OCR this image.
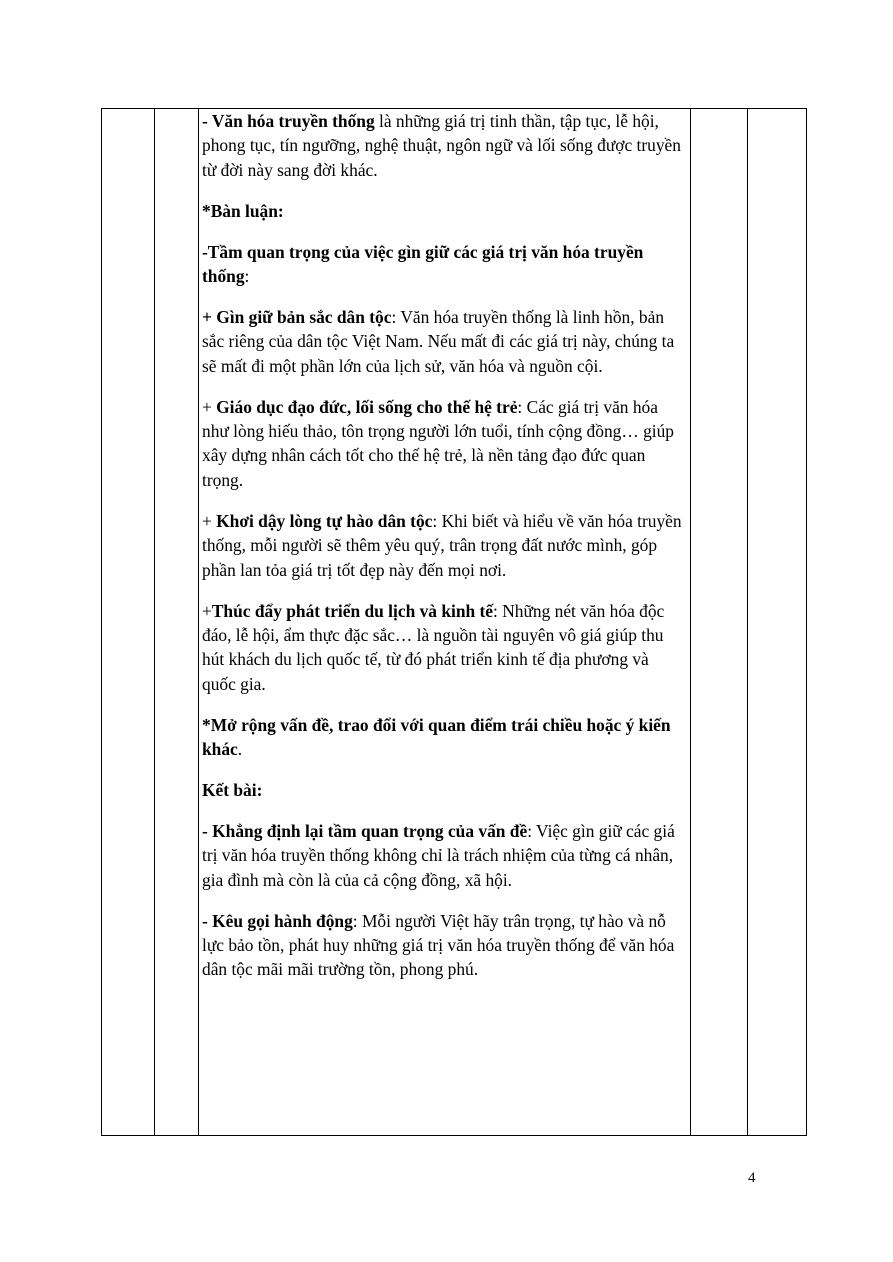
- Văn hóa truyền thống là những giá trị tinh thần, tập tục, lễ hội, phong tục, tín ngưỡng, nghệ thuật, ngôn ngữ và lối sống được truyền từ đời này sang đời khác.

*Bàn luận:

-Tầm quan trọng của việc gìn giữ các giá trị văn hóa truyền thống:

+ Gìn giữ bản sắc dân tộc: Văn hóa truyền thống là linh hồn, bản sắc riêng của dân tộc Việt Nam. Nếu mất đi các giá trị này, chúng ta sẽ mất đi một phần lớn của lịch sử, văn hóa và nguồn cội.

+ Giáo dục đạo đức, lối sống cho thế hệ trẻ: Các giá trị văn hóa như lòng hiếu thảo, tôn trọng người lớn tuổi, tính cộng đồng… giúp xây dựng nhân cách tốt cho thế hệ trẻ, là nền tảng đạo đức quan trọng.

+ Khơi dậy lòng tự hào dân tộc: Khi biết và hiểu về văn hóa truyền thống, mỗi người sẽ thêm yêu quý, trân trọng đất nước mình, góp phần lan tỏa giá trị tốt đẹp này đến mọi nơi.

+Thúc đẩy phát triển du lịch và kinh tế: Những nét văn hóa độc đáo, lễ hội, ẩm thực đặc sắc… là nguồn tài nguyên vô giá giúp thu hút khách du lịch quốc tế, từ đó phát triển kinh tế địa phương và quốc gia.

*Mở rộng vấn đề, trao đổi với quan điểm trái chiều hoặc ý kiến khác.

Kết bài:

- Khẳng định lại tầm quan trọng của vấn đề: Việc gìn giữ các giá trị văn hóa truyền thống không chỉ là trách nhiệm của từng cá nhân, gia đình mà còn là của cả cộng đồng, xã hội.

- Kêu gọi hành động: Mỗi người Việt hãy trân trọng, tự hào và nỗ lực bảo tồn, phát huy những giá trị văn hóa truyền thống để văn hóa dân tộc mãi mãi trường tồn, phong phú.

4
